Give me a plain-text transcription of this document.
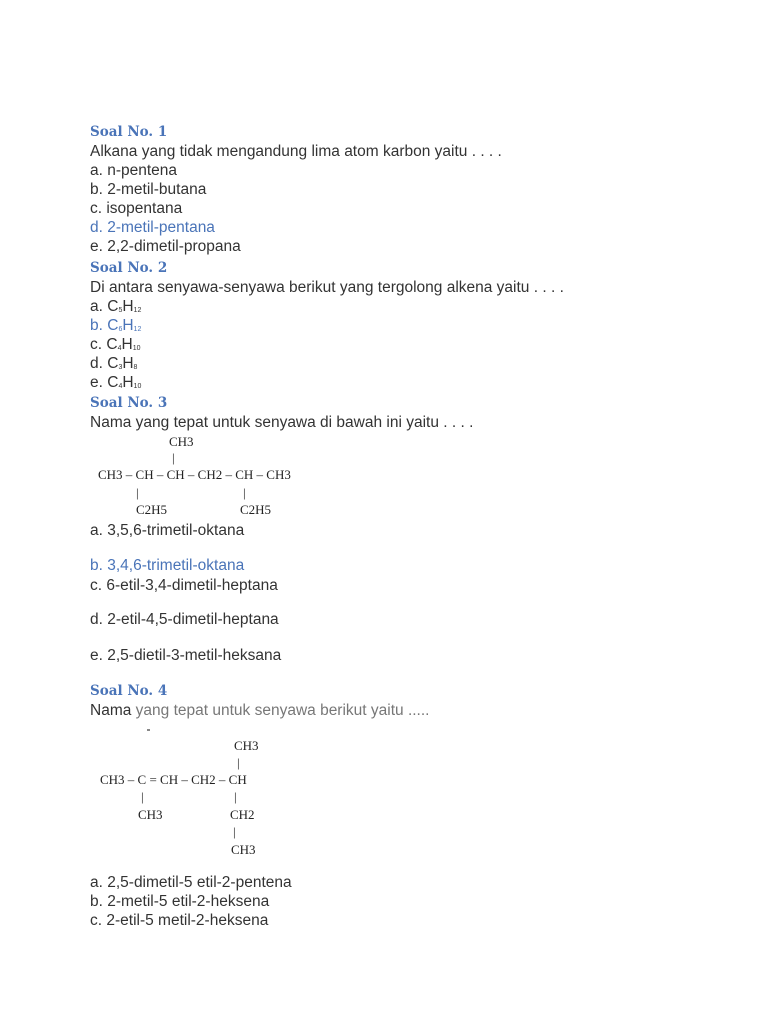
Soal No. 1
Alkana yang tidak mengandung lima atom karbon yaitu . . . .
a. n-pentena
b. 2-metil-butana
c. isopentana
d. 2-metil-pentana
e. 2,2-dimetil-propana
Soal No. 2
Di antara senyawa-senyawa berikut yang tergolong alkena yaitu . . . .
a. C5H12
b. C6H12
c. C4H10
d. C3H8
e. C4H10
Soal No. 3
Nama yang tepat untuk senyawa di bawah ini yaitu . . . .
CH3
|
CH3 – CH – CH – CH2 – CH – CH3
|	|
C2H5	C2H5
a. 3,5,6-trimetil-oktana
b. 3,4,6-trimetil-oktana
c. 6-etil-3,4-dimetil-heptana
d. 2-etil-4,5-dimetil-heptana
e. 2,5-dietil-3-metil-heksana
Soal No. 4
Nama yang tepat untuk senyawa berikut yaitu .....
CH3
|
CH3 – C = CH – CH2 – CH
|	|
CH3	CH2
|
CH3
a. 2,5-dimetil-5 etil-2-pentena
b. 2-metil-5 etil-2-heksena
c. 2-etil-5 metil-2-heksena
